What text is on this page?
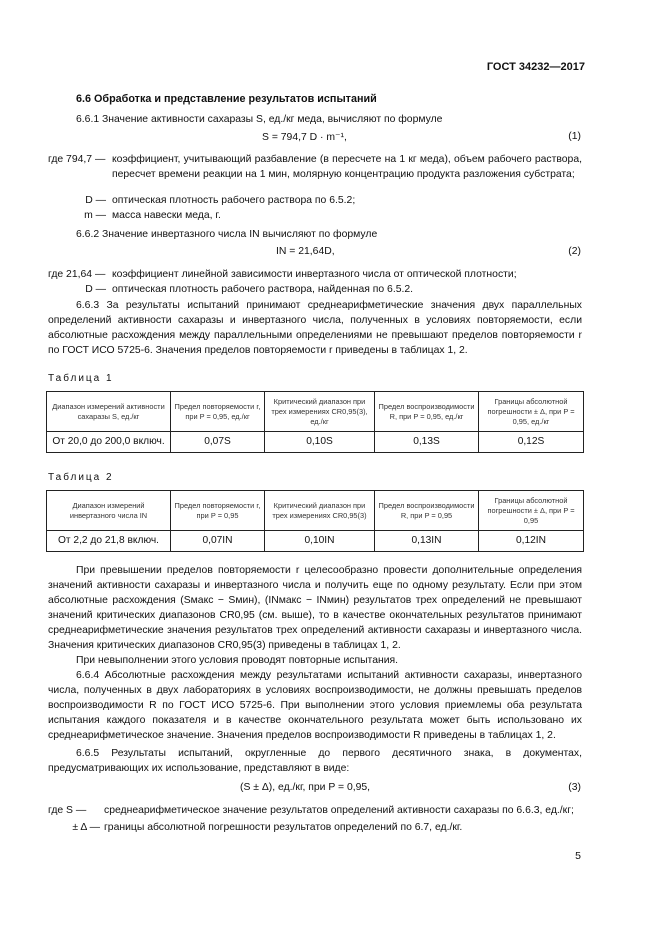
ГОСТ 34232—2017
6.6 Обработка и представление результатов испытаний
6.6.1 Значение активности сахаразы S, ед./кг меда, вычисляют по формуле
S = 794,7 D · m⁻¹,	(1)
где 794,7 — коэффициент, учитывающий разбавление (в пересчете на 1 кг меда), объем рабочего раствора, пересчет времени реакции на 1 мин, молярную концентрацию продукта разложения субстрата;
D — оптическая плотность рабочего раствора по 6.5.2;
m — масса навески меда, г.
6.6.2 Значение инвертазного числа IN вычисляют по формуле
IN = 21,64D,	(2)
где 21,64 — коэффициент линейной зависимости инвертазного числа от оптической плотности;
D — оптическая плотность рабочего раствора, найденная по 6.5.2.
6.6.3 За результаты испытаний принимают среднеарифметические значения двух параллельных определений активности сахаразы и инвертазного числа, полученных в условиях повторяемости, если абсолютные расхождения между параллельными определениями не превышают пределов повторяемости r по ГОСТ ИСО 5725-6. Значения пределов повторяемости r приведены в таблицах 1, 2.
Таблица 1
Диапазон измерений активности сахаразы S, ед./кг	Предел повторяемости r, при P = 0,95, ед./кг	Критический диапазон при трех измерениях CR0,95(3), ед./кг	Предел воспроизводимости R, при P = 0,95, ед./кг	Границы абсолютной погрешности ± Δ, при P = 0,95, ед./кг
От 20,0 до 200,0 включ.	0,07S	0,10S	0,13S	0,12S
Таблица 2
Диапазон измерений инвертазного числа IN	Предел повторяемости r, при P = 0,95	Критический диапазон при трех измерениях CR0,95(3)	Предел воспроизводимости R, при P = 0,95	Границы абсолютной погрешности ± Δ, при P = 0,95
От 2,2 до 21,8 включ.	0,07IN	0,10IN	0,13IN	0,12IN
При превышении пределов повторяемости r целесообразно провести дополнительные определения значений активности сахаразы и инвертазного числа и получить еще по одному результату. Если при этом абсолютные расхождения (Sмакс − Sмин), (INмакс − INмин) результатов трех определений не превышают значений критических диапазонов CR0,95 (см. выше), то в качестве окончательных результатов принимают среднеарифметические значения результатов трех определений активности сахаразы и инвертазного числа. Значения критических диапазонов CR0,95(3) приведены в таблицах 1, 2.
При невыполнении этого условия проводят повторные испытания.
6.6.4 Абсолютные расхождения между результатами испытаний активности сахаразы, инвертазного числа, полученных в двух лабораториях в условиях воспроизводимости, не должны превышать пределов воспроизводимости R по ГОСТ ИСО 5725-6. При выполнении этого условия приемлемы оба результата испытания каждого показателя и в качестве окончательного результата может быть использовано их среднеарифметическое значение. Значения пределов воспроизводимости R приведены в таблицах 1, 2.
6.6.5 Результаты испытаний, округленные до первого десятичного знака, в документах, предусматривающих их использование, представляют в виде:
(S ± Δ), ед./кг, при P = 0,95,	(3)
где S —	среднеарифметическое значение результатов определений активности сахаразы по 6.6.3, ед./кг;
± Δ — границы абсолютной погрешности результатов определений по 6.7, ед./кг.
5
